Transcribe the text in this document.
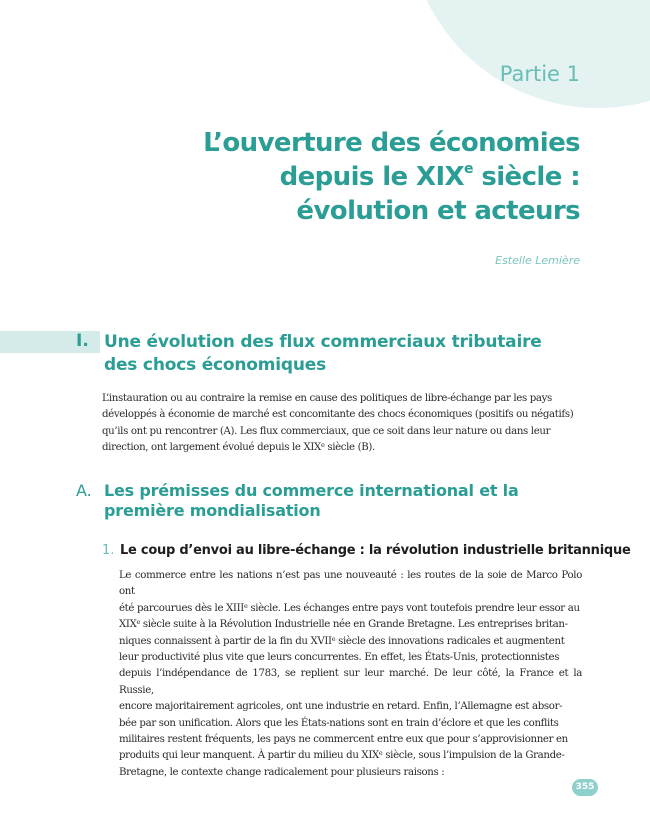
Partie 1
L’ouverture des économies
depuis le XIXe siècle :
évolution et acteurs
Estelle Lemière
I. Une évolution des flux commerciaux tributaire des chocs économiques

L’instauration ou au contraire la remise en cause des politiques de libre-échange par les pays
développés à économie de marché est concomitante des chocs économiques (positifs ou négatifs)
qu’ils ont pu rencontrer (A). Les flux commerciaux, que ce soit dans leur nature ou dans leur
direction, ont largement évolué depuis le XIXe siècle (B).

A. Les prémisses du commerce international et la première mondialisation
1. Le coup d’envoi au libre-échange : la révolution industrielle britannique

Le commerce entre les nations n’est pas une nouveauté : les routes de la soie de Marco Polo ont
été parcourues dès le XIIIe siècle. Les échanges entre pays vont toutefois prendre leur essor au
XIXe siècle suite à la Révolution Industrielle née en Grande Bretagne. Les entreprises britan-
niques connaissent à partir de la fin du XVIIe siècle des innovations radicales et augmentent
leur productivité plus vite que leurs concurrentes. En effet, les États-Unis, protectionnistes
depuis l’indépendance de 1783, se replient sur leur marché. De leur côté, la France et la Russie,
encore majoritairement agricoles, ont une industrie en retard. Enfin, l’Allemagne est absor-
bée par son unification. Alors que les États-nations sont en train d’éclore et que les conflits
militaires restent fréquents, les pays ne commercent entre eux que pour s’approvisionner en
produits qui leur manquent. À partir du milieu du XIXe siècle, sous l’impulsion de la Grande-
Bretagne, le contexte change radicalement pour plusieurs raisons :

355
